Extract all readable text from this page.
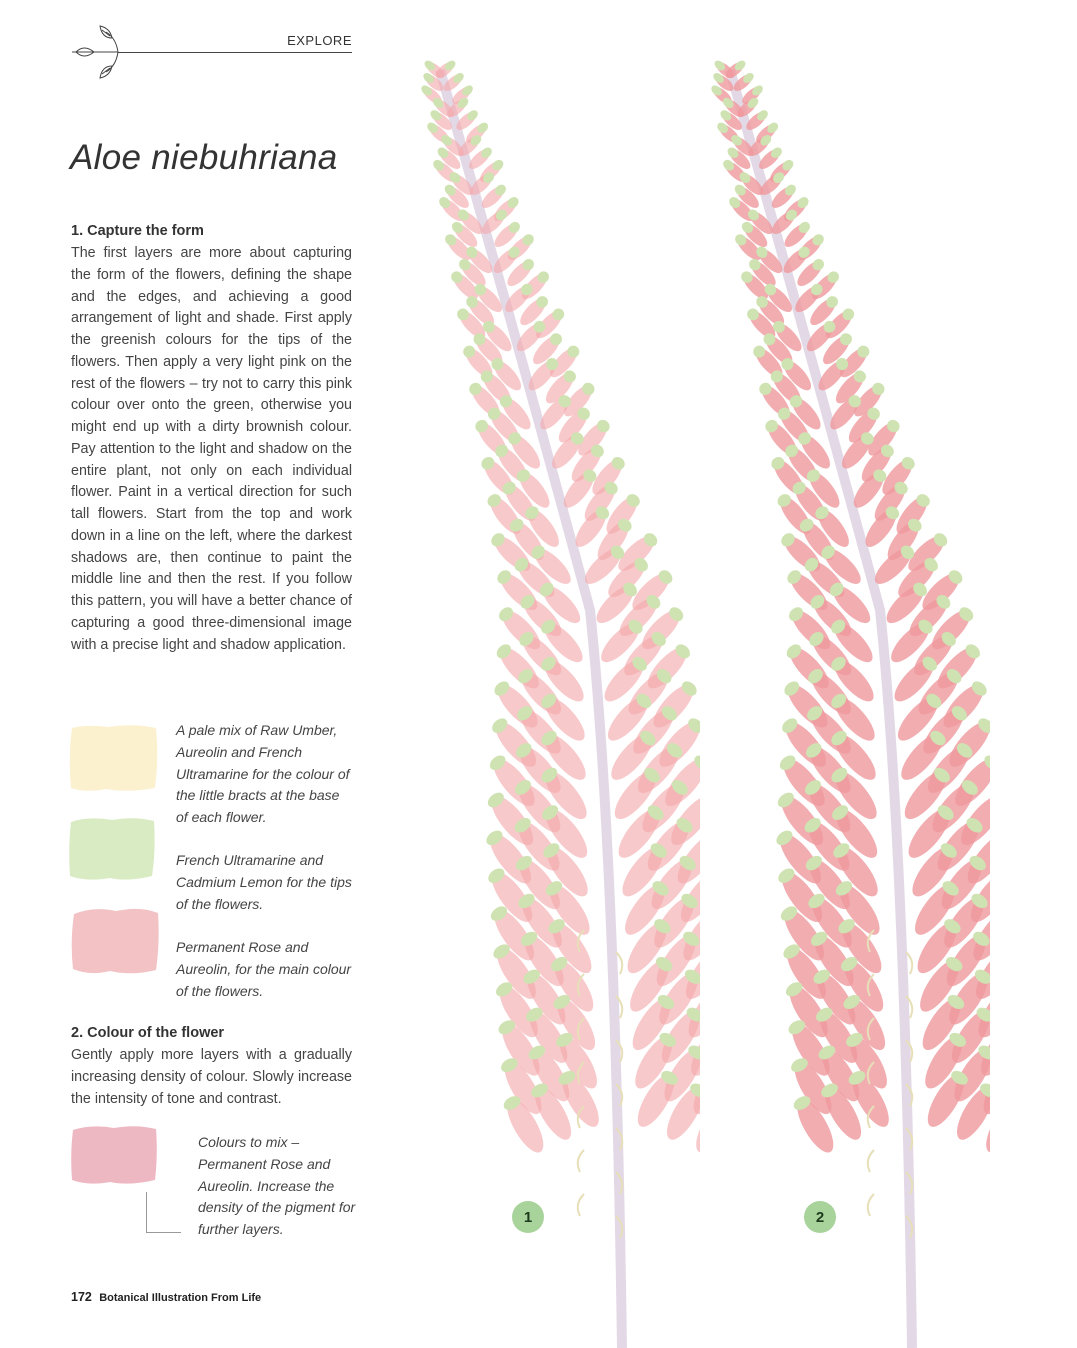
EXPLORE
Aloe niebuhriana
1. Capture the form
The first layers are more about capturing the form of the flowers, defining the shape and the edges, and achieving a good arrangement of light and shade. First apply the greenish colours for the tips of the flowers. Then apply a very light pink on the rest of the flowers – try not to carry this pink colour over onto the green, otherwise you might end up with a dirty brownish colour. Pay attention to the light and shadow on the entire plant, not only on each individual flower. Paint in a vertical direction for such tall flowers. Start from the top and work down in a line on the left, where the darkest shadows are, then continue to paint the middle line and then the rest. If you follow this pattern, you will have a better chance of capturing a good three-dimensional image with a precise light and shadow application.
A pale mix of Raw Umber, Aureolin and French Ultramarine for the colour of the little bracts at the base of each flower.
French Ultramarine and Cadmium Lemon for the tips of the flowers.
Permanent Rose and Aureolin, for the main colour of the flowers.
2. Colour of the flower
Gently apply more layers with a gradually increasing density of colour. Slowly increase the intensity of tone and contrast.
Colours to mix – Permanent Rose and Aureolin. Increase the density of the pigment for further layers.
172 Botanical Illustration From Life
1	2
